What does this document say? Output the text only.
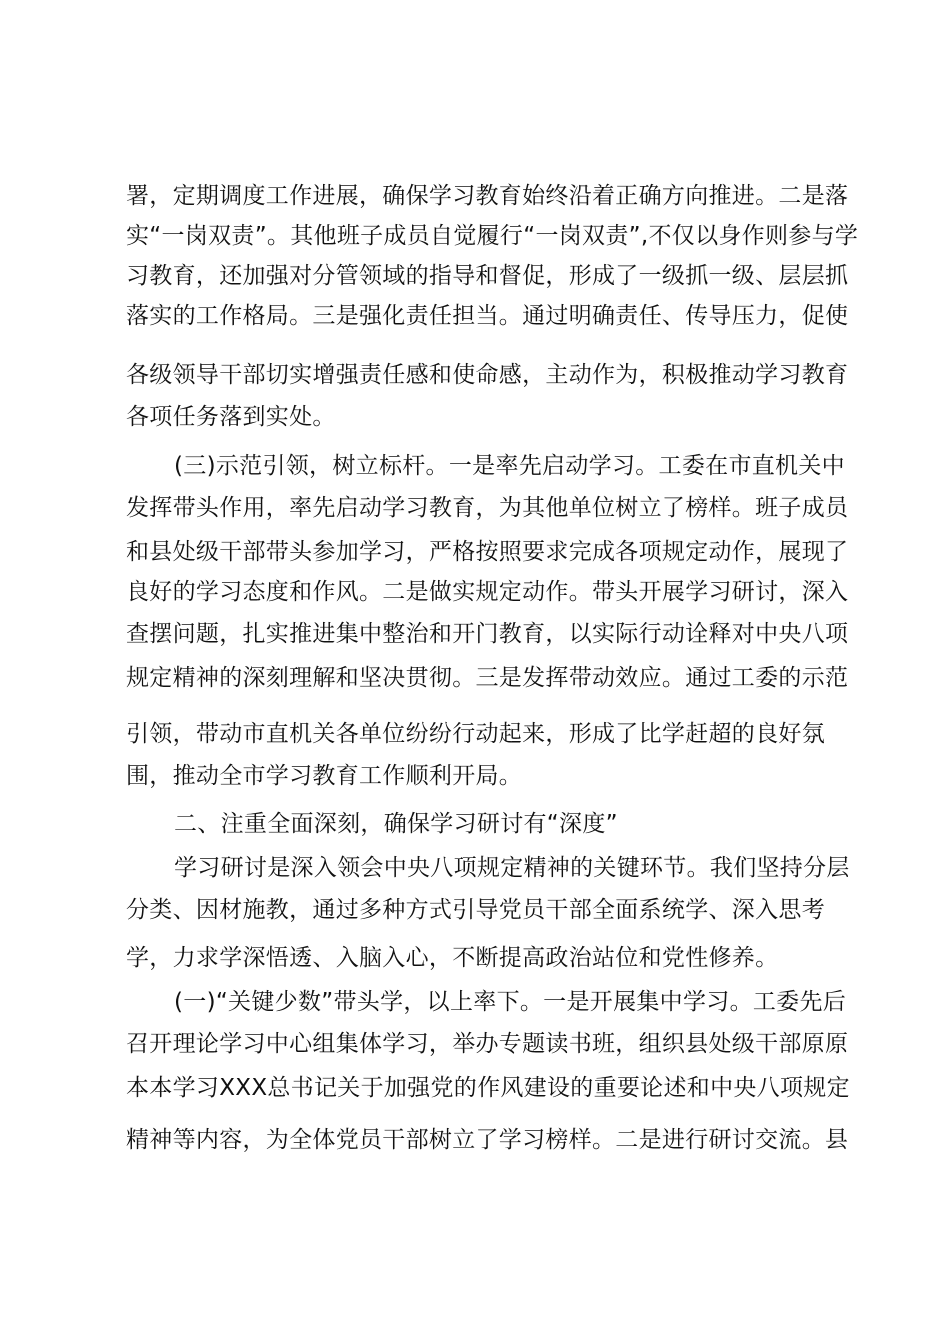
署，定期调度工作进展，确保学习教育始终沿着正确方向推进。二是落
实“一岗双责”。其他班子成员自觉履行“一岗双责”,不仅以身作则参与学
习教育，还加强对分管领域的指导和督促，形成了一级抓一级、层层抓
落实的工作格局。三是强化责任担当。通过明确责任、传导压力，促使
各级领导干部切实增强责任感和使命感，主动作为，积极推动学习教育
各项任务落到实处。
(三)示范引领，树立标杆。一是率先启动学习。工委在市直机关中
发挥带头作用，率先启动学习教育，为其他单位树立了榜样。班子成员
和县处级干部带头参加学习，严格按照要求完成各项规定动作，展现了
良好的学习态度和作风。二是做实规定动作。带头开展学习研讨，深入
查摆问题，扎实推进集中整治和开门教育，以实际行动诠释对中央八项
规定精神的深刻理解和坚决贯彻。三是发挥带动效应。通过工委的示范
引领，带动市直机关各单位纷纷行动起来，形成了比学赶超的良好氛
围，推动全市学习教育工作顺利开局。
二、注重全面深刻，确保学习研讨有“深度”
学习研讨是深入领会中央八项规定精神的关键环节。我们坚持分层
分类、因材施教，通过多种方式引导党员干部全面系统学、深入思考
学，力求学深悟透、入脑入心，不断提高政治站位和党性修养。
(一)“关键少数”带头学，以上率下。一是开展集中学习。工委先后
召开理论学习中心组集体学习，举办专题读书班，组织县处级干部原原
本本学习XXX总书记关于加强党的作风建设的重要论述和中央八项规定
精神等内容，为全体党员干部树立了学习榜样。二是进行研讨交流。县
